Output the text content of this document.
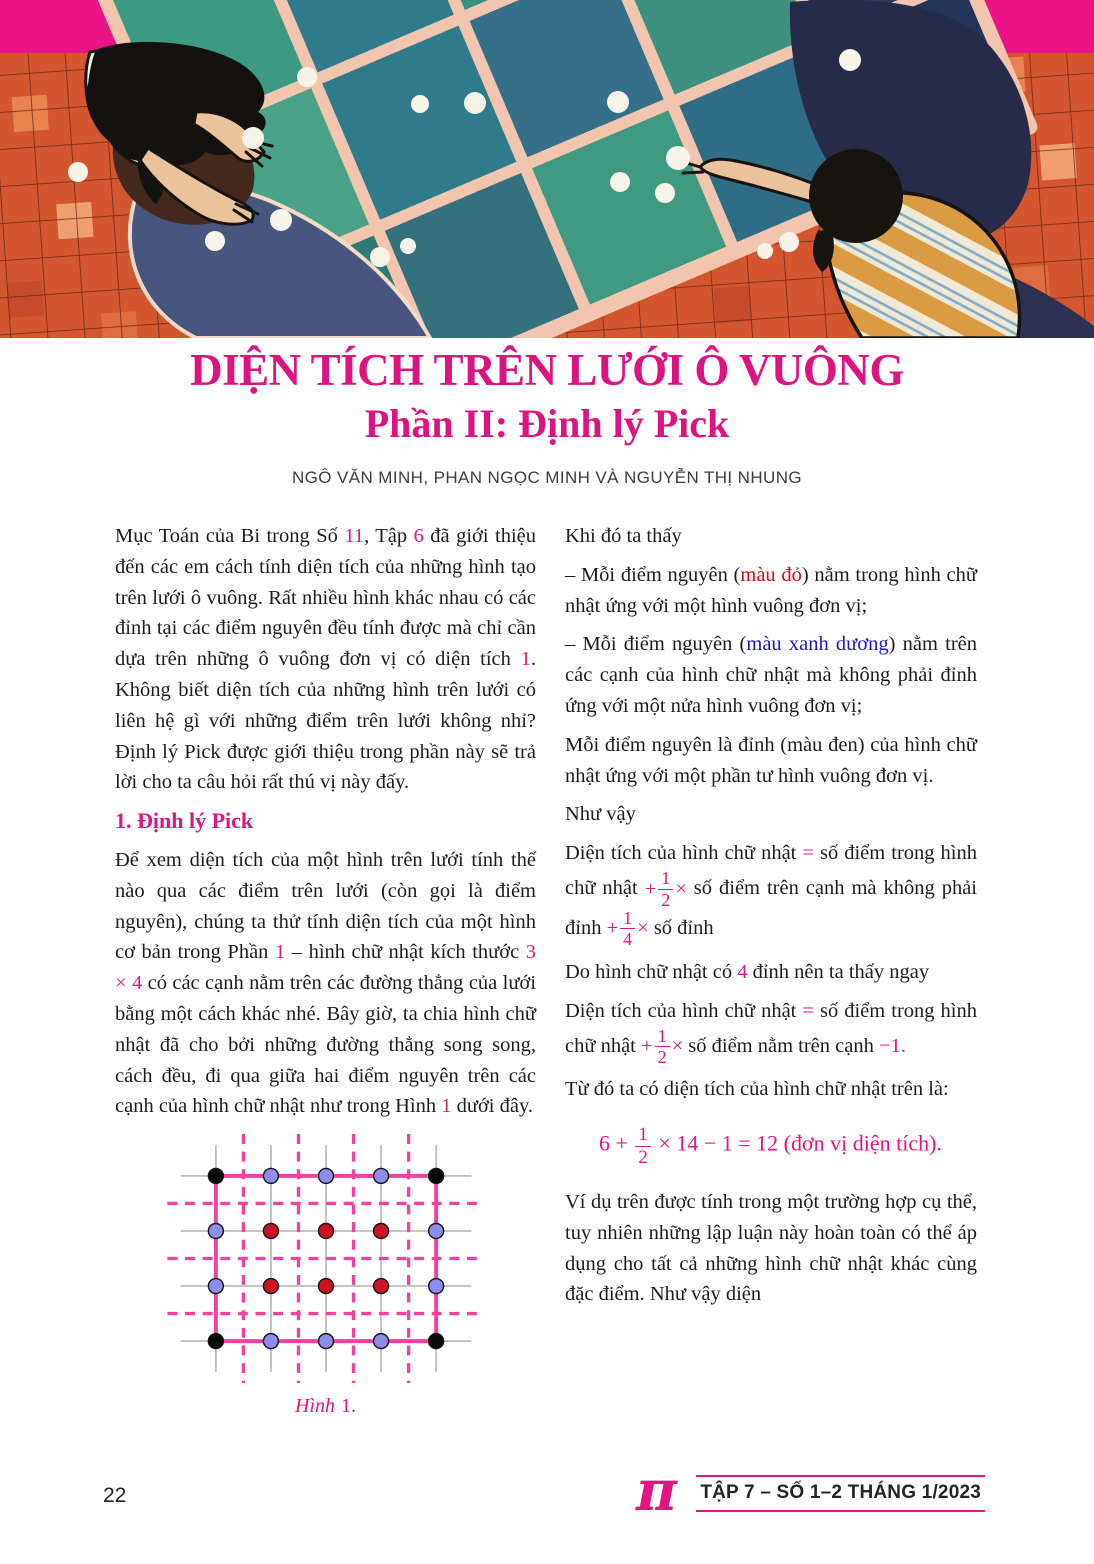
DIỆN TÍCH TRÊN LƯỚI Ô VUÔNG
Phần II: Định lý Pick
NGÔ VĂN MINH, PHAN NGỌC MINH VÀ NGUYỄN THỊ NHUNG

Mục Toán của Bi trong Số 11, Tập 6 đã giới thiệu đến các em cách tính diện tích của những hình tạo trên lưới ô vuông. Rất nhiều hình khác nhau có các đỉnh tại các điểm nguyên đều tính được mà chỉ cần dựa trên những ô vuông đơn vị có diện tích 1. Không biết diện tích của những hình trên lưới có liên hệ gì với những điểm trên lưới không nhỉ? Định lý Pick được giới thiệu trong phần này sẽ trả lời cho ta câu hỏi rất thú vị này đấy.

1. Định lý Pick

Để xem diện tích của một hình trên lưới tính thế nào qua các điểm trên lưới (còn gọi là điểm nguyên), chúng ta thử tính diện tích của một hình cơ bản trong Phần 1 – hình chữ nhật kích thước 3 × 4 có các cạnh nằm trên các đường thẳng của lưới bằng một cách khác nhé. Bây giờ, ta chia hình chữ nhật đã cho bởi những đường thẳng song song, cách đều, đi qua giữa hai điểm nguyên trên các cạnh của hình chữ nhật như trong Hình 1 dưới đây.

Hình 1.

Khi đó ta thấy

– Mỗi điểm nguyên (màu đỏ) nằm trong hình chữ nhật ứng với một hình vuông đơn vị;

– Mỗi điểm nguyên (màu xanh dương) nằm trên các cạnh của hình chữ nhật mà không phải đỉnh ứng với một nửa hình vuông đơn vị;

Mỗi điểm nguyên là đỉnh (màu đen) của hình chữ nhật ứng với một phần tư hình vuông đơn vị.

Như vậy

Diện tích của hình chữ nhật = số điểm trong hình chữ nhật + $\frac{1}{2}$ × số điểm trên cạnh mà không phải đỉnh + $\frac{1}{4}$ × số đỉnh

Do hình chữ nhật có 4 đỉnh nên ta thấy ngay

Diện tích của hình chữ nhật = số điểm trong hình chữ nhật + $\frac{1}{2}$ × số điểm nằm trên cạnh −1.

Từ đó ta có diện tích của hình chữ nhật trên là:

$6 + \frac{1}{2} \times 14 - 1 = 12$ (đơn vị diện tích).

Ví dụ trên được tính trong một trường hợp cụ thể, tuy nhiên những lập luận này hoàn toàn có thể áp dụng cho tất cả những hình chữ nhật khác cùng đặc điểm. Như vậy diện

22	π TẬP 7 – SỐ 1–2 THÁNG 1/2023
